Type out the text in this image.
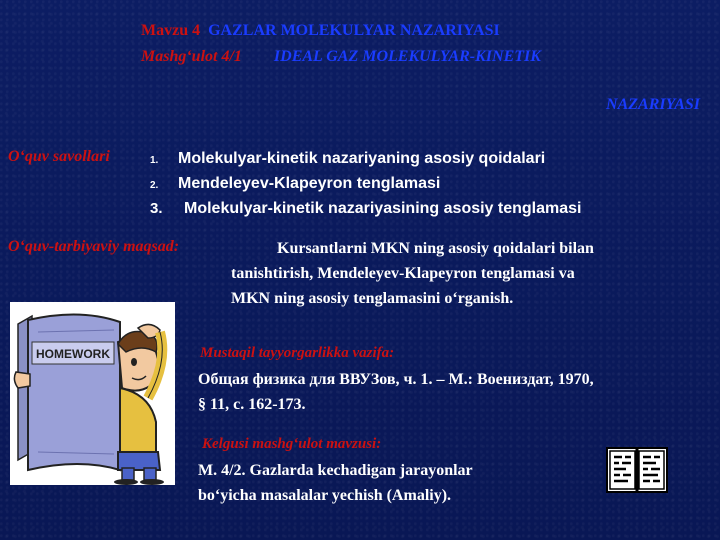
Mavzu 4 GAZLAR MOLEKULYAR NAZARIYASI
Mashg‘ulot 4/1 IDEAL GAZ MOLEKULYAR-KINETIK
NAZARIYASI
O‘quv savollari	1. Molekulyar-kinetik nazariyaning asosiy qoidalari
2. Mendeleyev-Klapeyron tenglamasi
3. Molekulyar-kinetik nazariyasining asosiy tenglamasi
O‘quv-tarbiyaviy maqsad:	Kursantlarni MKN ning asosiy qoidalari bilan
tanishtirish, Mendeleyev-Klapeyron tenglamasi va
MKN ning asosiy tenglamasini o‘rganish.
HOMEWORK	Mustaqil tayyorgarlikka vazifa:
Общая физика для ВВУЗов, ч. 1. – М.: Воениздат, 1970,
§ 11, с. 162-173.
Kelgusi mashg‘ulot mavzusi:
M. 4/2. Gazlarda kechadigan jarayonlar
bo‘yicha masalalar yechish (Amaliy).
